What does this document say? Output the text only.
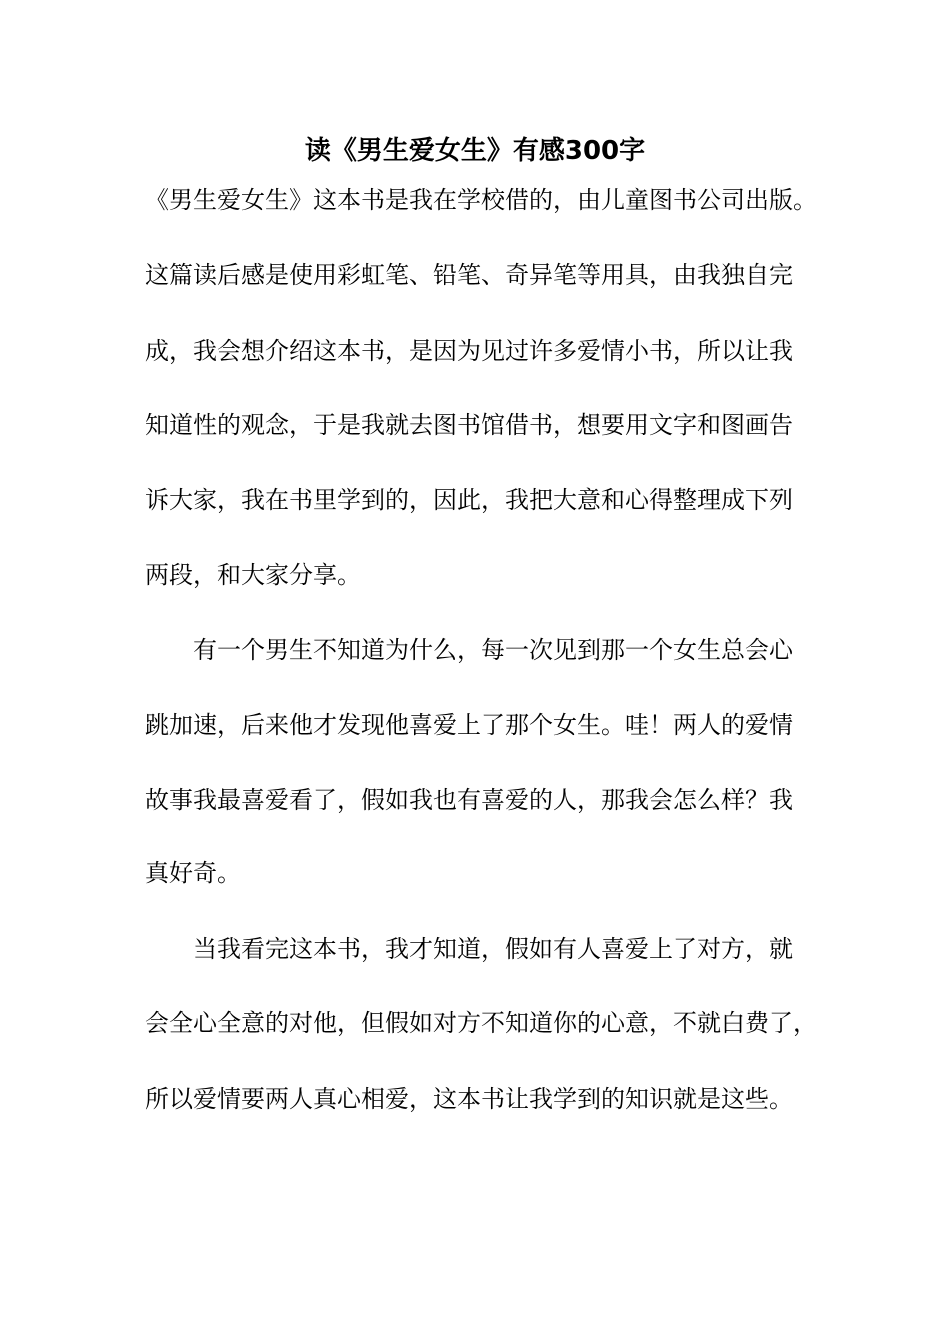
读《男生爱女生》有感300字

《男生爱女生》这本书是我在学校借的，由儿童图书公司出版。

这篇读后感是使用彩虹笔、铅笔、奇异笔等用具，由我独自完

成，我会想介绍这本书，是因为见过许多爱情小书，所以让我

知道性的观念，于是我就去图书馆借书，想要用文字和图画告

诉大家，我在书里学到的，因此，我把大意和心得整理成下列

两段，和大家分享。

　　有一个男生不知道为什么，每一次见到那一个女生总会心

跳加速，后来他才发现他喜爱上了那个女生。哇！两人的爱情

故事我最喜爱看了，假如我也有喜爱的人，那我会怎么样？我

真好奇。

　　当我看完这本书，我才知道，假如有人喜爱上了对方，就

会全心全意的对他，但假如对方不知道你的心意，不就白费了，

所以爱情要两人真心相爱，这本书让我学到的知识就是这些。
